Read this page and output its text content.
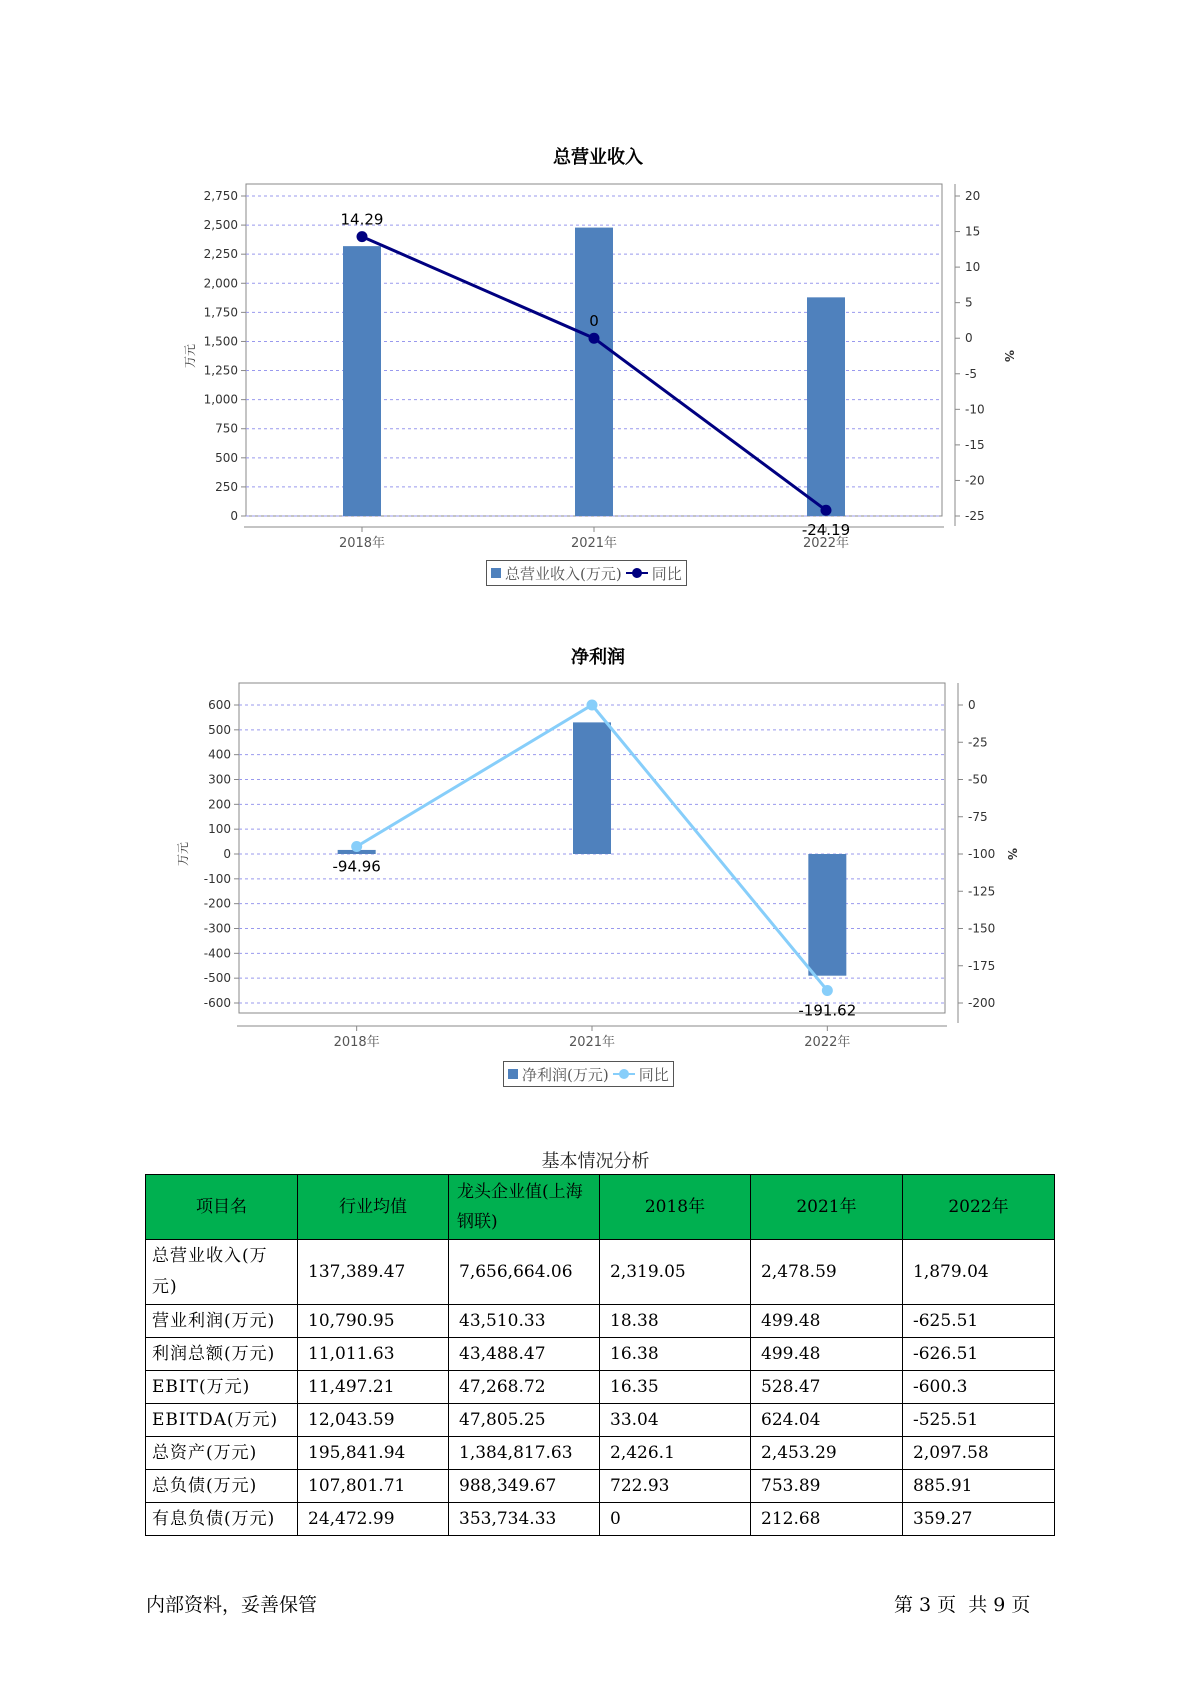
总营业收入
0
250
500
750
1,000
1,250
1,500
1,750
2,000
2,250
2,500
2,750
万元
20
15
10
5
0
-5
-10
-15
-20
-25
%
2018年	2021年	2022年
14.29
0
-24.19
总营业收入(万元) 同比
净利润
600
500
400
300
200
100
0
-100
-200
-300
-400
-500
-600
万元
0
-25
-50
-75
-100
-125
-150
-175
-200
%
2018年	2021年	2022年
-94.96
-191.62
净利润(万元) 同比
基本情况分析
项目名	行业均值	龙头企业值(上海钢联)	2018年	2021年	2022年
总营业收入(万元)	137,389.47	7,656,664.06	2,319.05	2,478.59	1,879.04
营业利润(万元)	10,790.95	43,510.33	18.38	499.48	-625.51
利润总额(万元)	11,011.63	43,488.47	16.38	499.48	-626.51
EBIT(万元)	11,497.21	47,268.72	16.35	528.47	-600.3
EBITDA(万元)	12,043.59	47,805.25	33.04	624.04	-525.51
总资产(万元)	195,841.94	1,384,817.63	2,426.1	2,453.29	2,097.58
总负债(万元)	107,801.71	988,349.67	722.93	753.89	885.91
有息负债(万元)	24,472.99	353,734.33	0	212.68	359.27
内部资料，妥善保管	第 3 页  共 9 页
